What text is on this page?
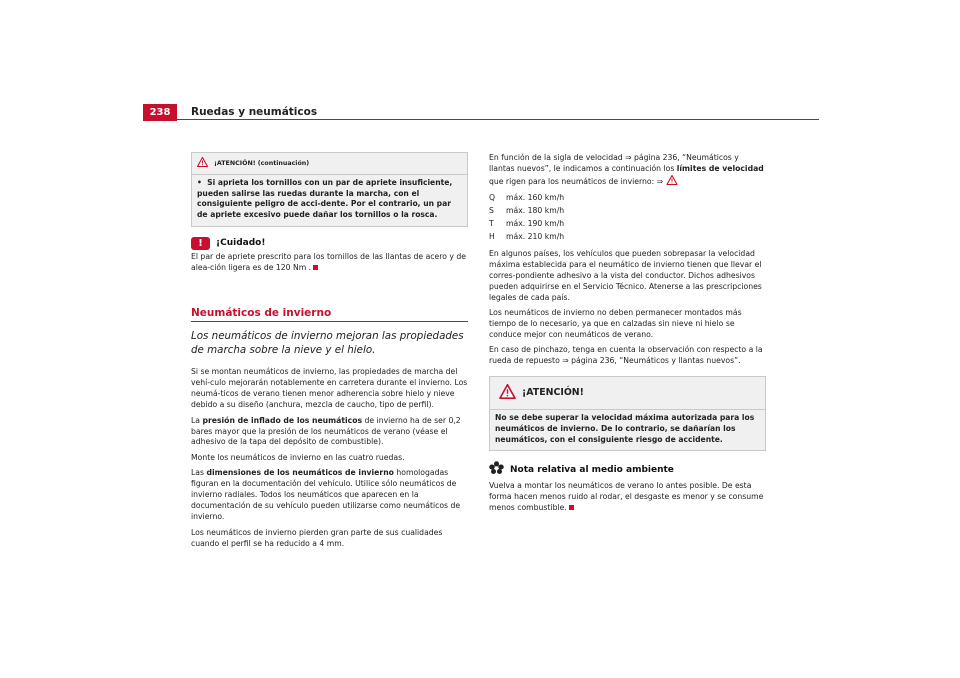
238	Ruedas y neumáticos
¡ATENCIÓN! (continuación)
•  Si aprieta los tornillos con un par de apriete insuficiente, pueden salirse las ruedas durante la marcha, con el consiguiente peligro de acci-dente. Por el contrario, un par de apriete excesivo puede dañar los tornillos o la rosca.
!	¡Cuidado!

El par de apriete prescrito para los tornillos de las llantas de acero y de alea-ción ligera es de 120 Nm .

Neumáticos de invierno
Los neumáticos de invierno mejoran las propiedades de marcha sobre la nieve y el hielo.

Si se montan neumáticos de invierno, las propiedades de marcha del vehí-culo mejorarán notablemente en carretera durante el invierno. Los neumá-ticos de verano tienen menor adherencia sobre hielo y nieve debido a su diseño (anchura, mezcla de caucho, tipo de perfil).

La presión de inflado de los neumáticos de invierno ha de ser 0,2 bares mayor que la presión de los neumáticos de verano (véase el adhesivo de la tapa del depósito de combustible).

Monte los neumáticos de invierno en las cuatro ruedas.

Las dimensiones de los neumáticos de invierno homologadas figuran en la documentación del vehículo. Utilice sólo neumáticos de invierno radiales. Todos los neumáticos que aparecen en la documentación de su vehículo pueden utilizarse como neumáticos de invierno.

Los neumáticos de invierno pierden gran parte de sus cualidades cuando el perfil se ha reducido a 4 mm.

En función de la sigla de velocidad ⇒ página 236, “Neumáticos y llantas nuevos”, le indicamos a continuación los límites de velocidad que rigen para los neumáticos de invierno: ⇒

Q	máx. 160 km/h
S	máx. 180 km/h
T	máx. 190 km/h
H	máx. 210 km/h

En algunos países, los vehículos que pueden sobrepasar la velocidad máxima establecida para el neumático de invierno tienen que llevar el corres-pondiente adhesivo a la vista del conductor. Dichos adhesivos pueden adquirirse en el Servicio Técnico. Atenerse a las prescripciones legales de cada país.

Los neumáticos de invierno no deben permanecer montados más tiempo de lo necesario, ya que en calzadas sin nieve ni hielo se conduce mejor con neumáticos de verano.

En caso de pinchazo, tenga en cuenta la observación con respecto a la rueda de repuesto ⇒ página 236, “Neumáticos y llantas nuevos”.

¡ATENCIÓN!
No se debe superar la velocidad máxima autorizada para los neumáticos de invierno. De lo contrario, se dañarían los neumáticos, con el consiguiente riesgo de accidente.
Nota relativa al medio ambiente

Vuelva a montar los neumáticos de verano lo antes posible. De esta forma hacen menos ruido al rodar, el desgaste es menor y se consume menos combustible.
